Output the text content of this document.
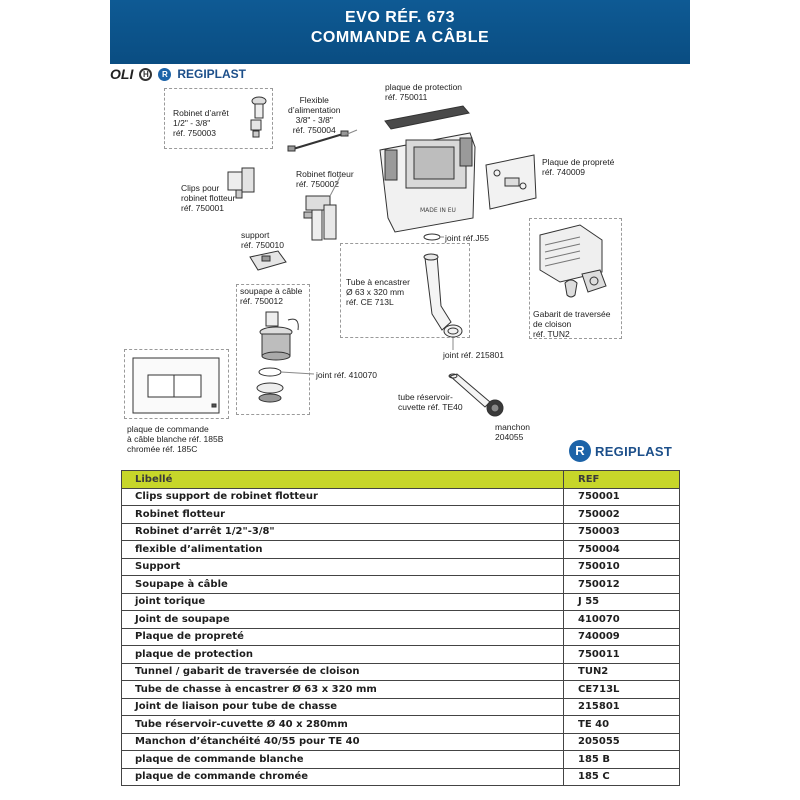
EVO RÉF. 673
COMMANDE A CÂBLE
OLI	H	R REGIPLAST
Robinet d’arrêt
1/2" - 3/8"
réf. 750003
Flexible
d’alimentation
3/8" - 3/8"
réf. 750004
plaque de protection
réf. 750011
Plaque de propreté
réf. 740009
Clips pour
robinet flotteur
réf. 750001
Robinet flotteur
réf. 750002
support
réf. 750010
joint réf.J55
Tube à encastrer
Ø 63 x 320 mm
réf. CE 713L
soupape à câble
réf. 750012
Gabarit de traversée
de cloison
réf. TUN2
joint réf. 215801
joint réf. 410070
tube réservoir-
cuvette réf. TE40
manchon
204055
plaque de commande
à câble blanche réf. 185B
chromée réf. 185C
MADE IN EU
R REGIPLAST
Libellé	REF
Clips support de robinet flotteur	750001
Robinet flotteur	750002
Robinet d’arrêt 1/2"-3/8"	750003
flexible d’alimentation	750004
Support	750010
Soupape à câble	750012
joint torique	J 55
Joint de soupape	410070
Plaque de propreté	740009
plaque de protection	750011
Tunnel / gabarit de traversée de cloison	TUN2
Tube de chasse à encastrer Ø 63 x 320 mm	CE713L
Joint de liaison pour tube de chasse	215801
Tube réservoir-cuvette Ø 40 x 280mm	TE 40
Manchon d’étanchéité 40/55 pour TE 40	205055
plaque de commande blanche	185 B
plaque de commande chromée	185 C
